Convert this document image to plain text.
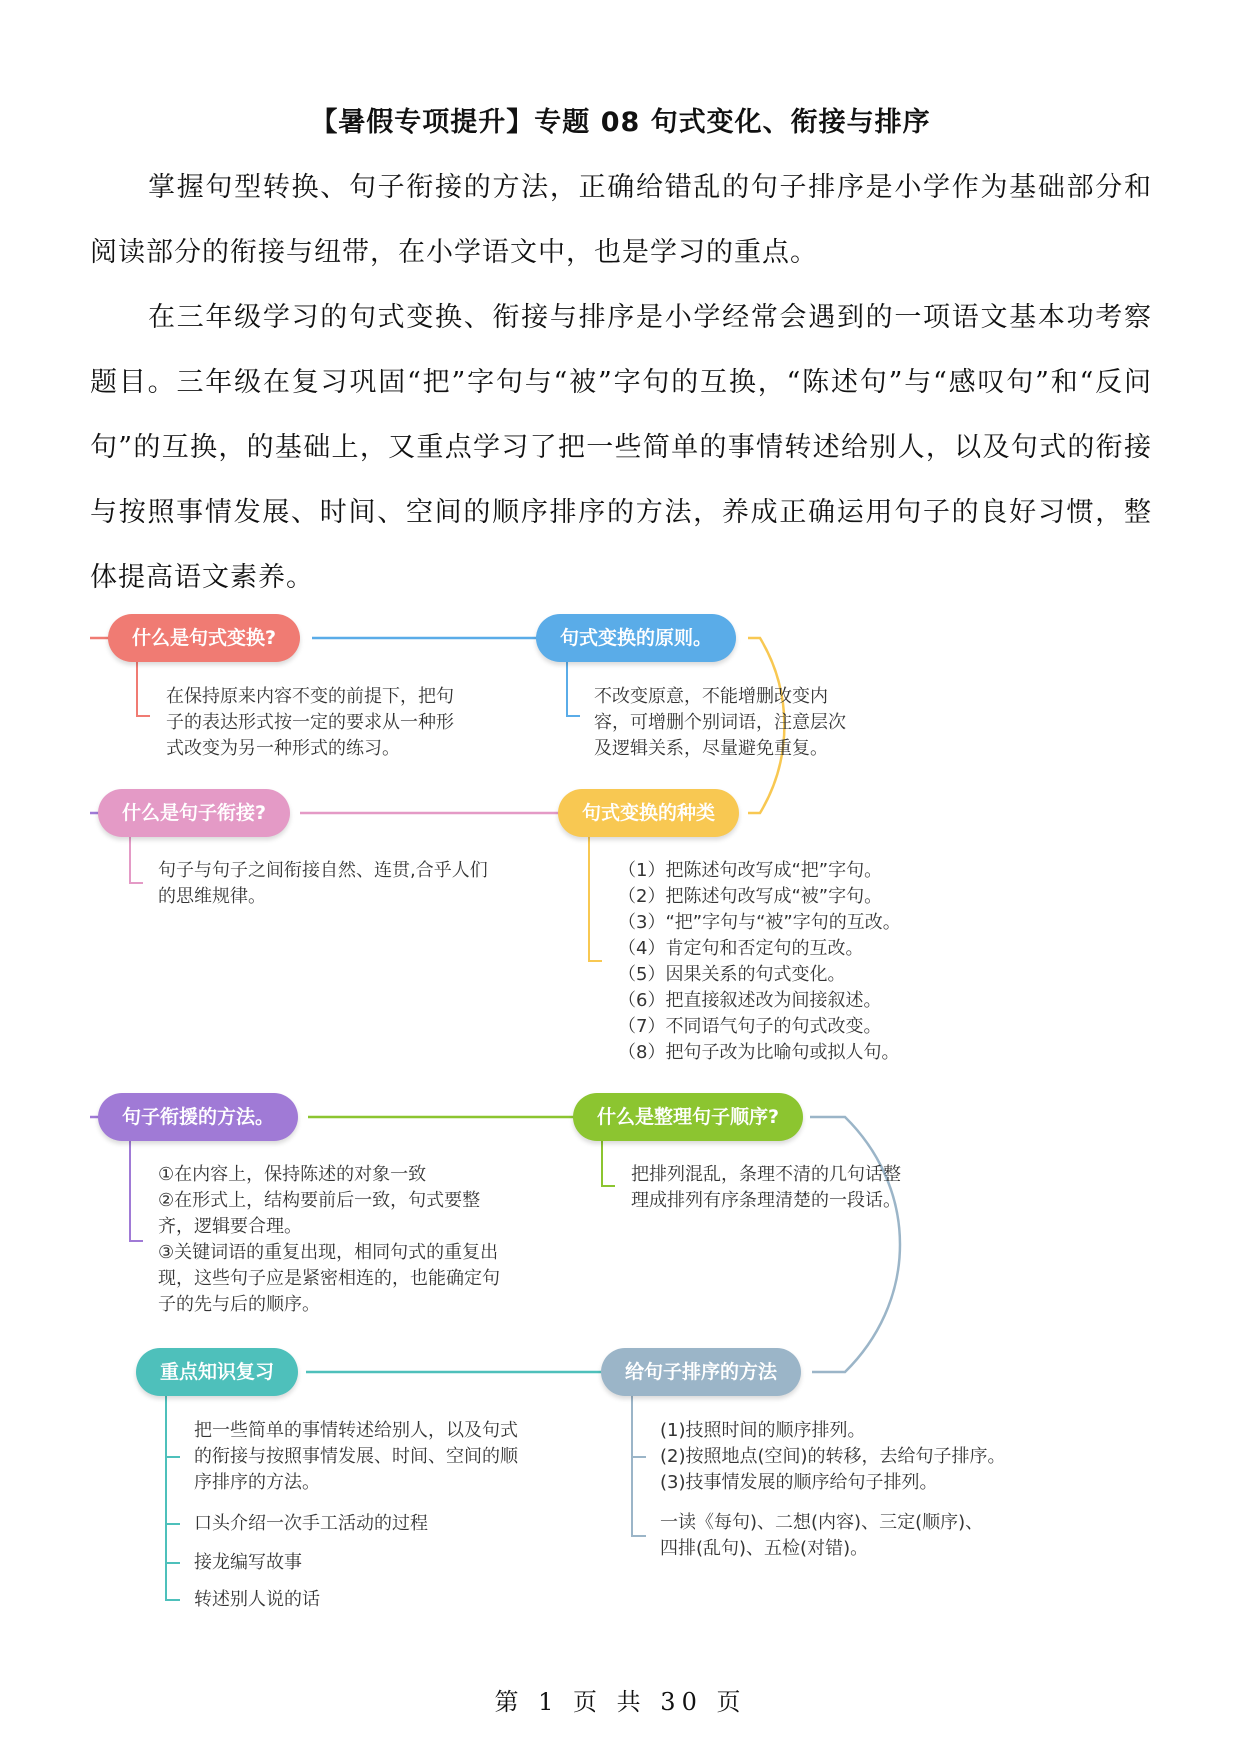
【暑假专项提升】专题 08 句式变化、衔接与排序
掌握句型转换、句子衔接的方法，正确给错乱的句子排序是小学作为基础部分和阅读部分的衔接与纽带，在小学语文中，也是学习的重点。
在三年级学习的句式变换、衔接与排序是小学经常会遇到的一项语文基本功考察题目。三年级在复习巩固“把”字句与“被”字句的互换，“陈述句”与“感叹句”和“反问句”的互换，的基础上，又重点学习了把一些简单的事情转述给别人，以及句式的衔接与按照事情发展、时间、空间的顺序排序的方法，养成正确运用句子的良好习惯，整体提高语文素养。
什么是句式变换?	句式变换的原则。
什么是句子衔接?	句式变换的种类
句子衔援的方法。	什么是整理句子顺序?
重点知识复习	给句子排序的方法
在保持原来内容不变的前提下，把句
子的表达形式按一定的要求从一种形
式改变为另一种形式的练习。
不改变原意，不能增删改变内
容，可增删个别词语，注意层次
及逻辑关系，尽量避免重复。
句子与句子之间衔接自然、连贯,合乎人们
的思维规律。
（1）把陈述句改写成“把”字句。
（2）把陈述句改写成“被”字句。
（3）“把”字句与“被”字句的互改。
（4）肯定句和否定句的互改。
（5）因果关系的句式变化。
（6）把直接叙述改为间接叙述。
（7）不同语气句子的句式改变。
（8）把句子改为比喻句或拟人句。
①在内容上，保持陈述的对象一致
②在形式上，结构要前后一致，句式要整
齐，逻辑要合理。
③关键词语的重复出现，相同句式的重复出
现，这些句子应是紧密相连的，也能确定句
子的先与后的顺序。
把排列混乱，条理不清的几句话整
理成排列有序条理清楚的一段话。
把一些简单的事情转述给别人，以及句式
的衔接与按照事情发展、时间、空间的顺
序排序的方法。
口头介绍一次手工活动的过程
接龙编写故事
转述别人说的话
(1)技照时间的顺序排列。
(2)按照地点(空间)的转移，去给句子排序。
(3)技事情发展的顺序给句子排列。
一读《每句)、二想(内容)、三定(顺序)、
四排(乱句)、五检(对错)。
第 1 页 共 30 页
